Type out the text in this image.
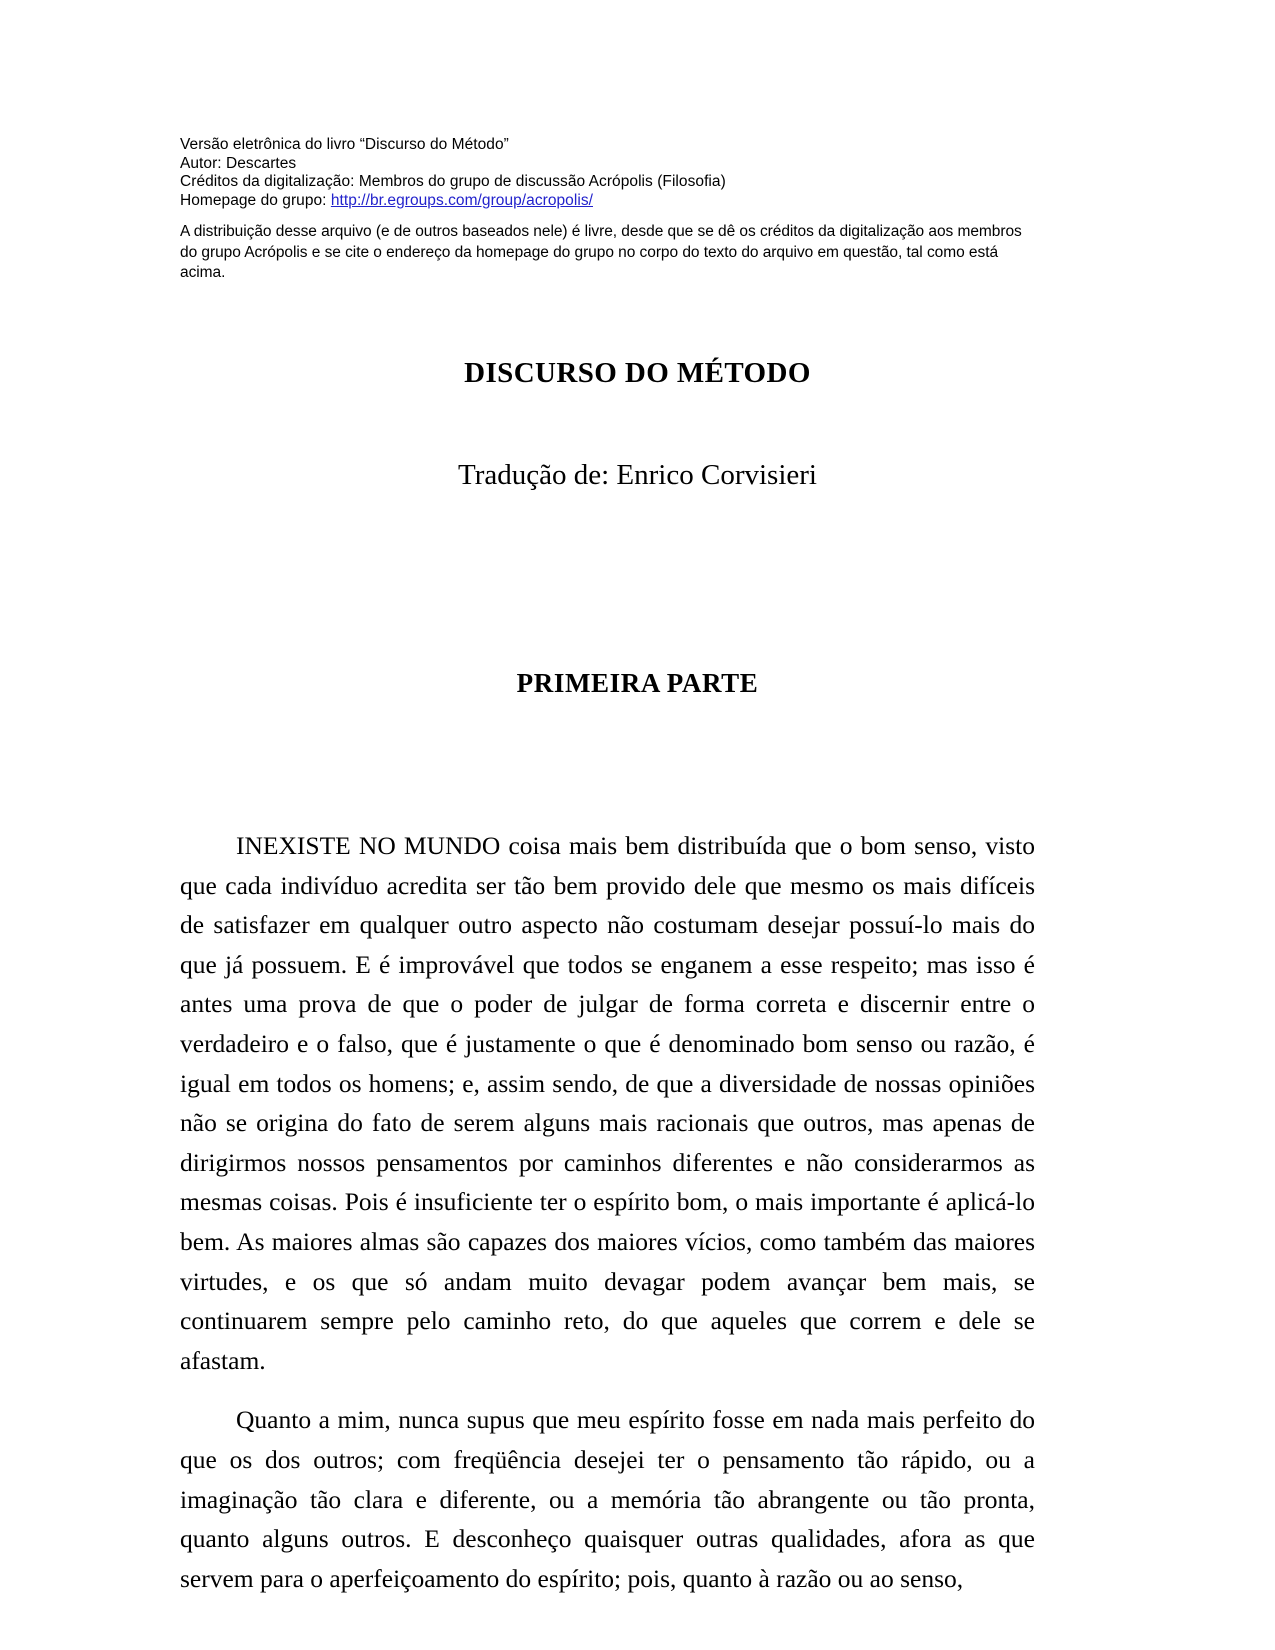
Versão eletrônica do livro “Discurso do Método”
Autor: Descartes
Créditos da digitalização: Membros do grupo de discussão Acrópolis (Filosofia)
Homepage do grupo: http://br.egroups.com/group/acropolis/
A distribuição desse arquivo (e de outros baseados nele) é livre, desde que se dê os créditos da digitalização aos membros do grupo Acrópolis e se cite o endereço da homepage do grupo no corpo do texto do arquivo em questão, tal como está acima.
DISCURSO DO MÉTODO
Tradução de: Enrico Corvisieri
PRIMEIRA PARTE

INEXISTE NO MUNDO coisa mais bem distribuída que o bom senso, visto que cada indivíduo acredita ser tão bem provido dele que mesmo os mais difíceis de satisfazer em qualquer outro aspecto não costumam desejar possuí-lo mais do que já possuem. E é improvável que todos se enganem a esse respeito; mas isso é antes uma prova de que o poder de julgar de forma correta e discernir entre o verdadeiro e o falso, que é justamente o que é denominado bom senso ou razão, é igual em todos os homens; e, assim sendo, de que a diversidade de nossas opiniões não se origina do fato de serem alguns mais racionais que outros, mas apenas de dirigirmos nossos pensamentos por caminhos diferentes e não considerarmos as mesmas coisas. Pois é insuficiente ter o espírito bom, o mais importante é aplicá-lo bem. As maiores almas são capazes dos maiores vícios, como também das maiores virtudes, e os que só andam muito devagar podem avançar bem mais, se continuarem sempre pelo caminho reto, do que aqueles que correm e dele se afastam.

Quanto a mim, nunca supus que meu espírito fosse em nada mais perfeito do que os dos outros; com freqüência desejei ter o pensamento tão rápido, ou a imaginação tão clara e diferente, ou a memória tão abrangente ou tão pronta, quanto alguns outros. E desconheço quaisquer outras qualidades, afora as que servem para o aperfeiçoamento do espírito; pois, quanto à razão ou ao senso,
